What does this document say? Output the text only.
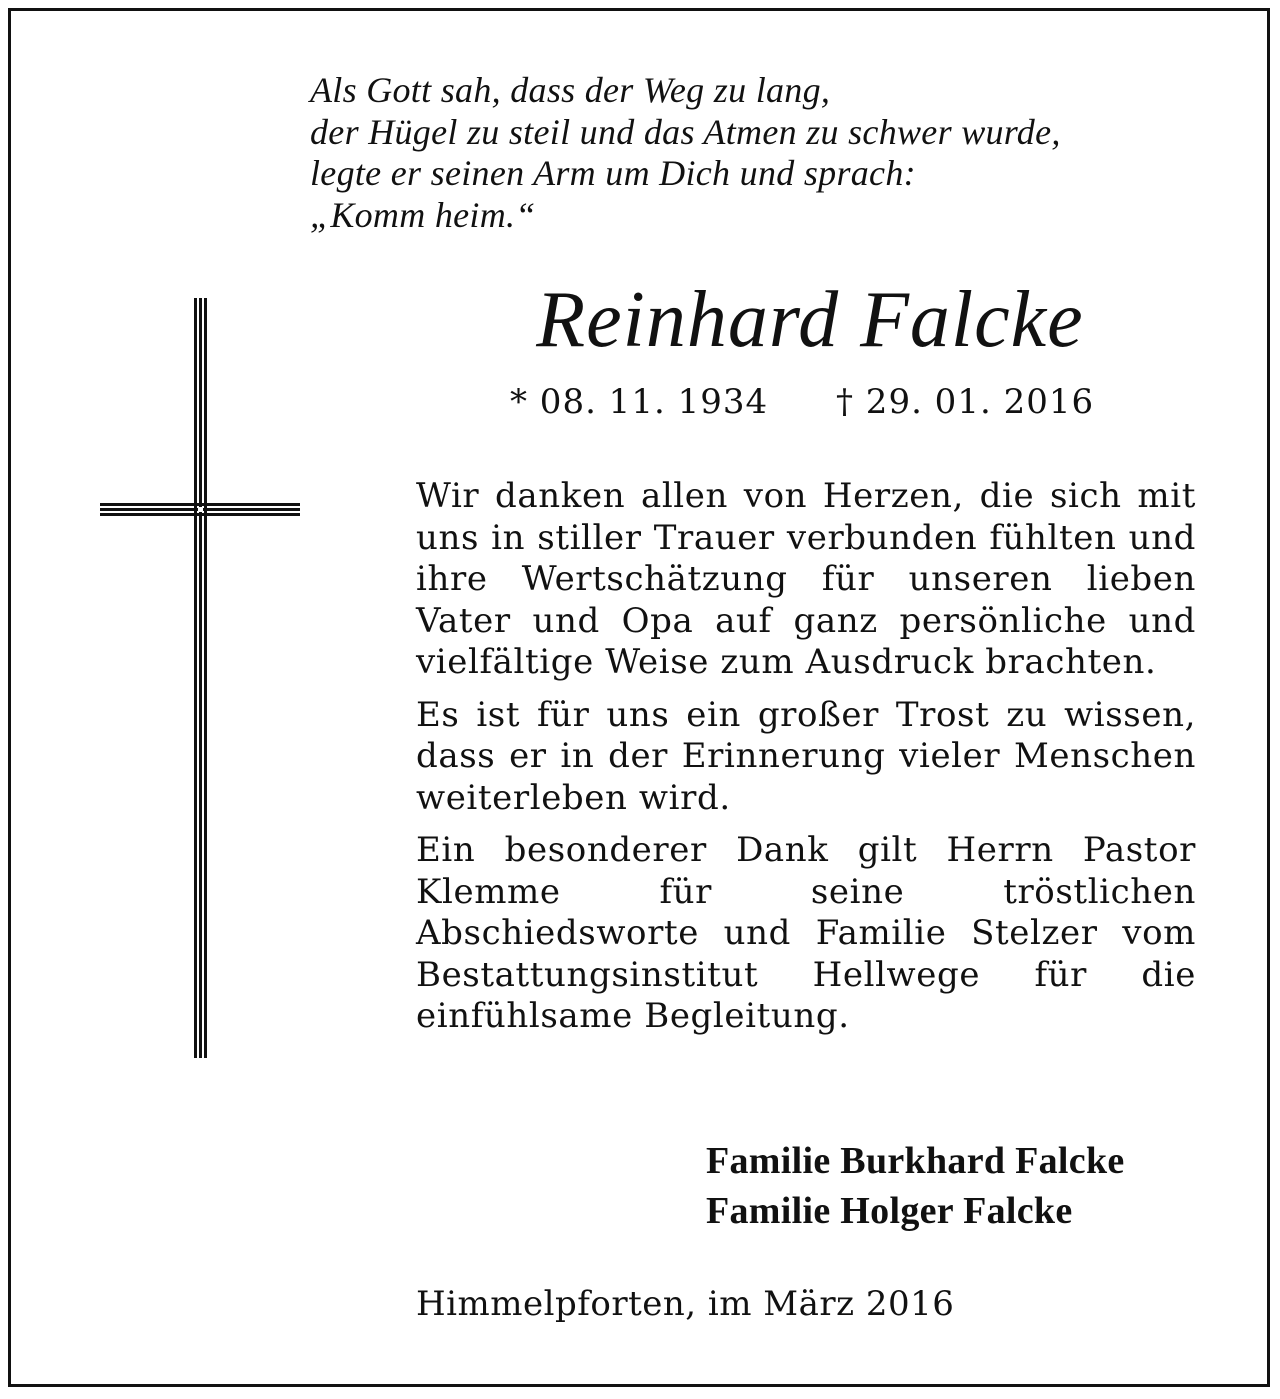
Als Gott sah, dass der Weg zu lang,
der Hügel zu steil und das Atmen zu schwer wurde,
legte er seinen Arm um Dich und sprach:
„Komm heim.“
Reinhard Falcke
* 08. 11. 1934 † 29. 01. 2016

Wir danken allen von Herzen, die sich mit uns in stiller Trauer verbunden fühlten und ihre Wertschätzung für unseren lieben Vater und Opa auf ganz persönliche und vielfältige Weise zum Ausdruck brachten.

Es ist für uns ein großer Trost zu wissen, dass er in der Erinnerung vieler Menschen weiterleben wird.

Ein besonderer Dank gilt Herrn Pastor Klemme für seine tröstlichen Abschiedsworte und Familie Stelzer vom Bestattungsinstitut Hellwege für die einfühlsame Begleitung.

Familie Burkhard Falcke
Familie Holger Falcke
Himmelpforten, im März 2016
